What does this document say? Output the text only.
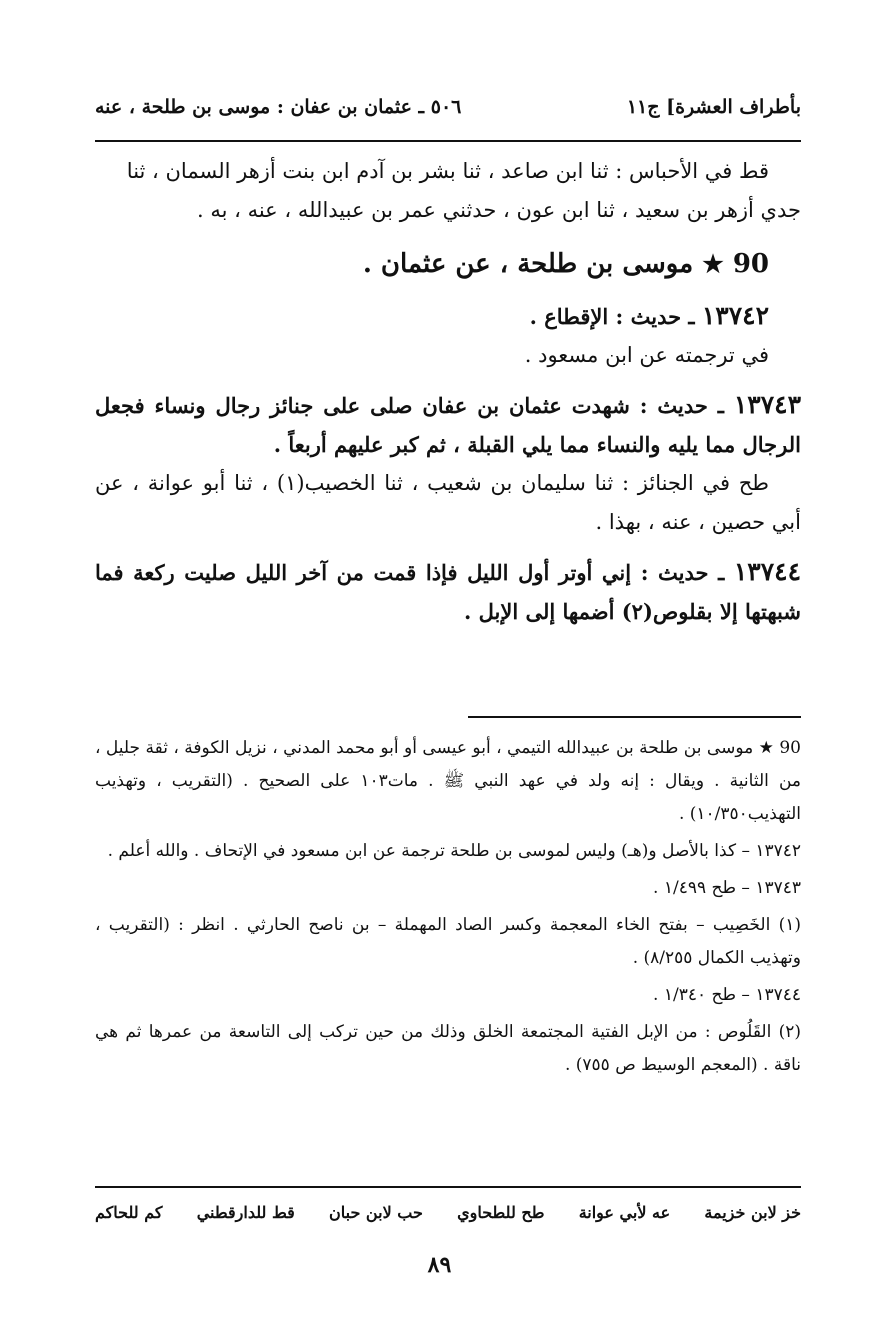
بأطراف العشرة] ج١١
٥٠٦ ـ عثمان بن عفان : موسى بن طلحة ، عنه

قط في الأحباس : ثنا ابن صاعد ، ثنا بشر بن آدم ابن بنت أزهر السمان ، ثنا

جدي أزهر بن سعيد ، ثنا ابن عون ، حدثني عمر بن عبيدالله ، عنه ، به .

90 ★ موسى بن طلحة ، عن عثمان .

١٣٧٤٢ ـ حديث : الإقطاع .

في ترجمته عن ابن مسعود .

١٣٧٤٣ ـ حديث : شهدت عثمان بن عفان صلى على جنائز رجال ونساء فجعل الرجال مما يليه والنساء مما يلي القبلة ، ثم كبر عليهم أربعاً .

طح في الجنائز : ثنا سليمان بن شعيب ، ثنا الخصيب(١) ، ثنا أبو عوانة ، عن أبي حصين ، عنه ، بهذا .

١٣٧٤٤ ـ حديث : إني أوتر أول الليل فإذا قمت من آخر الليل صليت ركعة فما شبهتها إلا بقلوص(٢) أضمها إلى الإبل .

90 ★ موسى بن طلحة بن عبيدالله التيمي ، أبو عيسى أو أبو محمد المدني ، نزيل الكوفة ، ثقة جليل ، من الثانية . ويقال : إنه ولد في عهد النبي ﷺ . مات١٠٣ على الصحيح . (التقريب ، وتهذيب التهذيب١٠/٣٥٠) .

١٣٧٤٢ – كذا بالأصل و(هـ) وليس لموسى بن طلحة ترجمة عن ابن مسعود في الإتحاف . والله أعلم .

١٣٧٤٣ – طح ١/٤٩٩ .

(١) الخَصِيب – بفتح الخاء المعجمة وكسر الصاد المهملة – بن ناصح الحارثي . انظر : (التقريب ، وتهذيب الكمال ٨/٢٥٥) .

١٣٧٤٤ – طح ١/٣٤٠ .

(٢) القَلُوص : من الإبل الفتية المجتمعة الخلق وذلك من حين تركب إلى التاسعة من عمرها ثم هي ناقة . (المعجم الوسيط ص ٧٥٥) .

خز لابن خزيمة
عه لأبي عوانة
طح للطحاوي
حب لابن حبان
قط للدارقطني
كم للحاكم
٨٩
